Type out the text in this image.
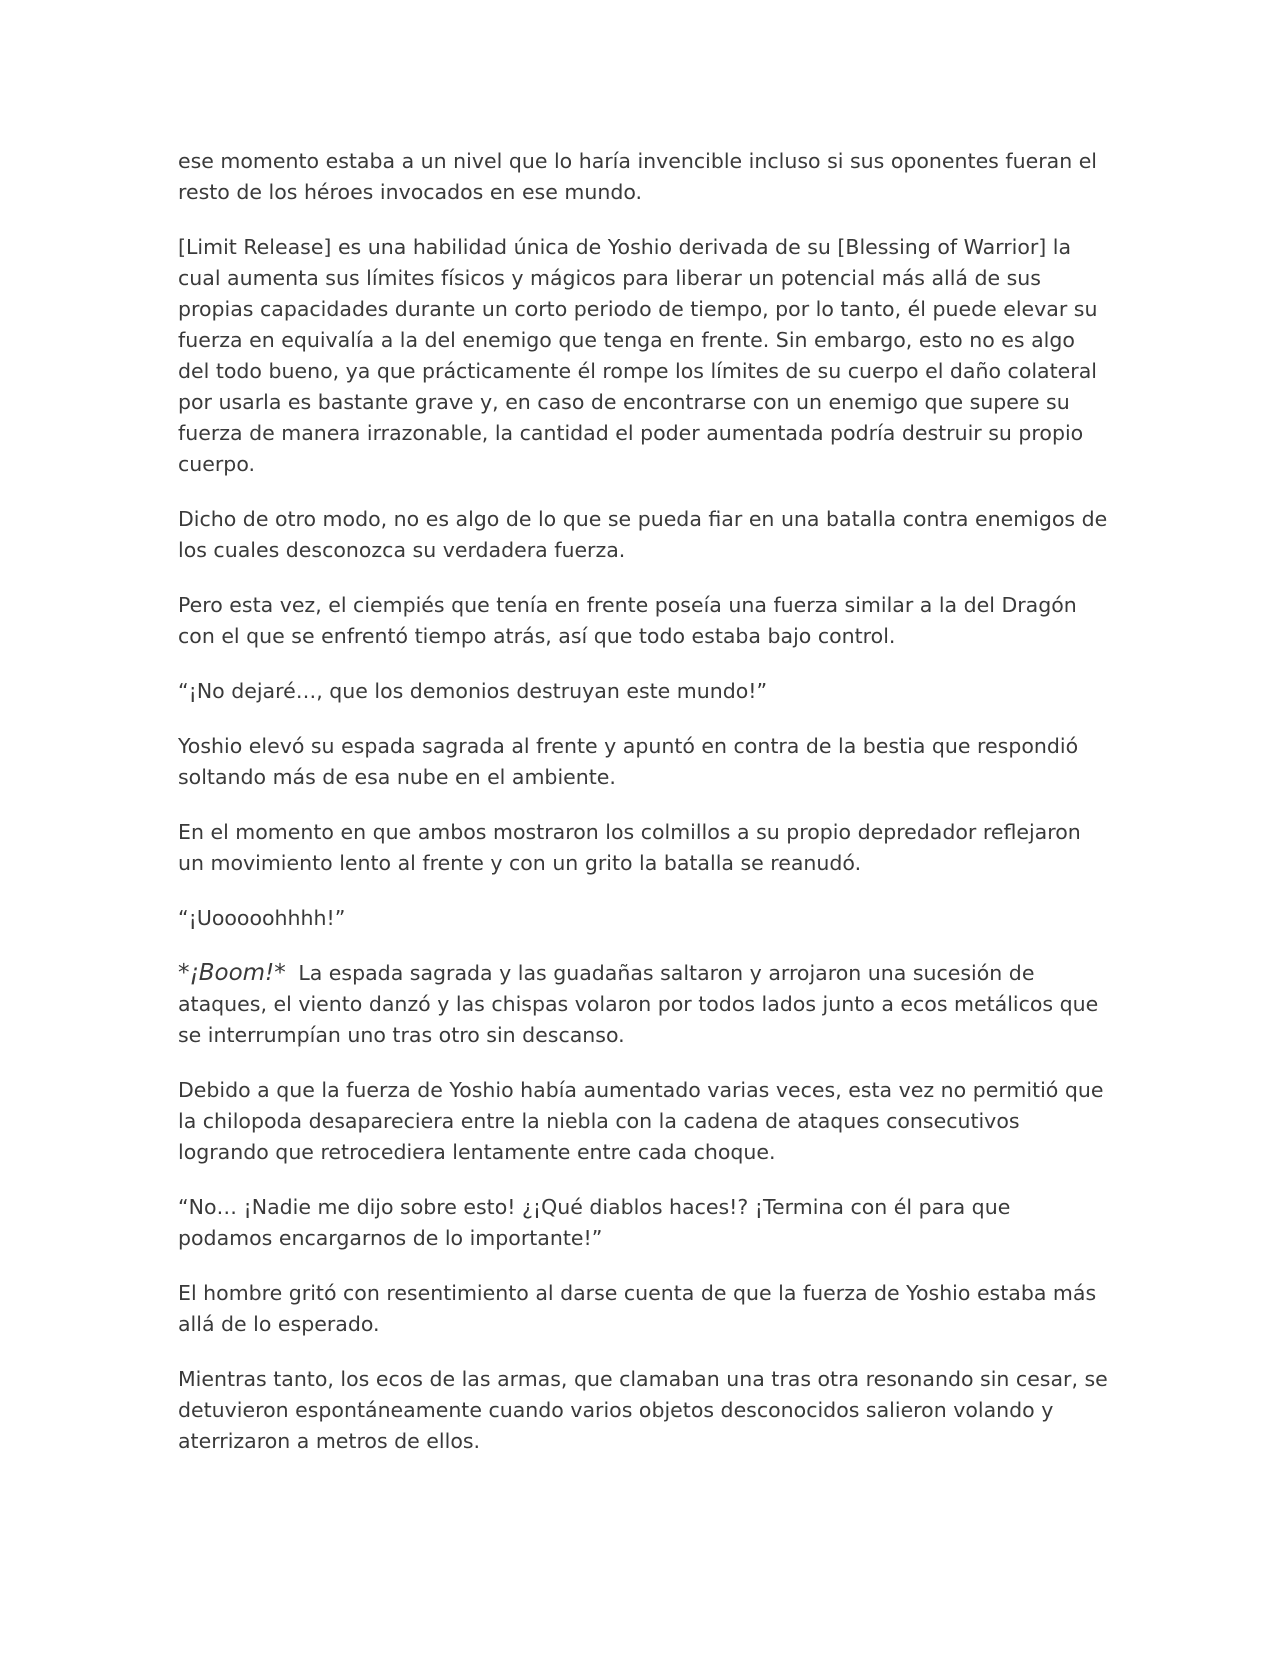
ese momento estaba a un nivel que lo haría invencible incluso si sus oponentes fueran el resto de los héroes invocados en ese mundo.

[Limit Release] es una habilidad única de Yoshio derivada de su [Blessing of Warrior] la cual aumenta sus límites físicos y mágicos para liberar un potencial más allá de sus propias capacidades durante un corto periodo de tiempo, por lo tanto, él puede elevar su fuerza en equivalía a la del enemigo que tenga en frente. Sin embargo, esto no es algo del todo bueno, ya que prácticamente él rompe los límites de su cuerpo el daño colateral por usarla es bastante grave y, en caso de encontrarse con un enemigo que supere su fuerza de manera irrazonable, la cantidad el poder aumentada podría destruir su propio cuerpo.

Dicho de otro modo, no es algo de lo que se pueda fiar en una batalla contra enemigos de los cuales desconozca su verdadera fuerza.

Pero esta vez, el ciempiés que tenía en frente poseía una fuerza similar a la del Dragón con el que se enfrentó tiempo atrás, así que todo estaba bajo control.

“¡No dejaré…, que los demonios destruyan este mundo!”

Yoshio elevó su espada sagrada al frente y apuntó en contra de la bestia que respondió soltando más de esa nube en el ambiente.

En el momento en que ambos mostraron los colmillos a su propio depredador reflejaron un movimiento lento al frente y con un grito la batalla se reanudó.

“¡Uooooohhhh!”

*¡Boom!* La espada sagrada y las guadañas saltaron y arrojaron una sucesión de ataques, el viento danzó y las chispas volaron por todos lados junto a ecos metálicos que se interrumpían uno tras otro sin descanso.

Debido a que la fuerza de Yoshio había aumentado varias veces, esta vez no permitió que la chilopoda desapareciera entre la niebla con la cadena de ataques consecutivos logrando que retrocediera lentamente entre cada choque.

“No… ¡Nadie me dijo sobre esto! ¿¡Qué diablos haces!? ¡Termina con él para que podamos encargarnos de lo importante!”

El hombre gritó con resentimiento al darse cuenta de que la fuerza de Yoshio estaba más allá de lo esperado.

Mientras tanto, los ecos de las armas, que clamaban una tras otra resonando sin cesar, se detuvieron espontáneamente cuando varios objetos desconocidos salieron volando y aterrizaron a metros de ellos.
